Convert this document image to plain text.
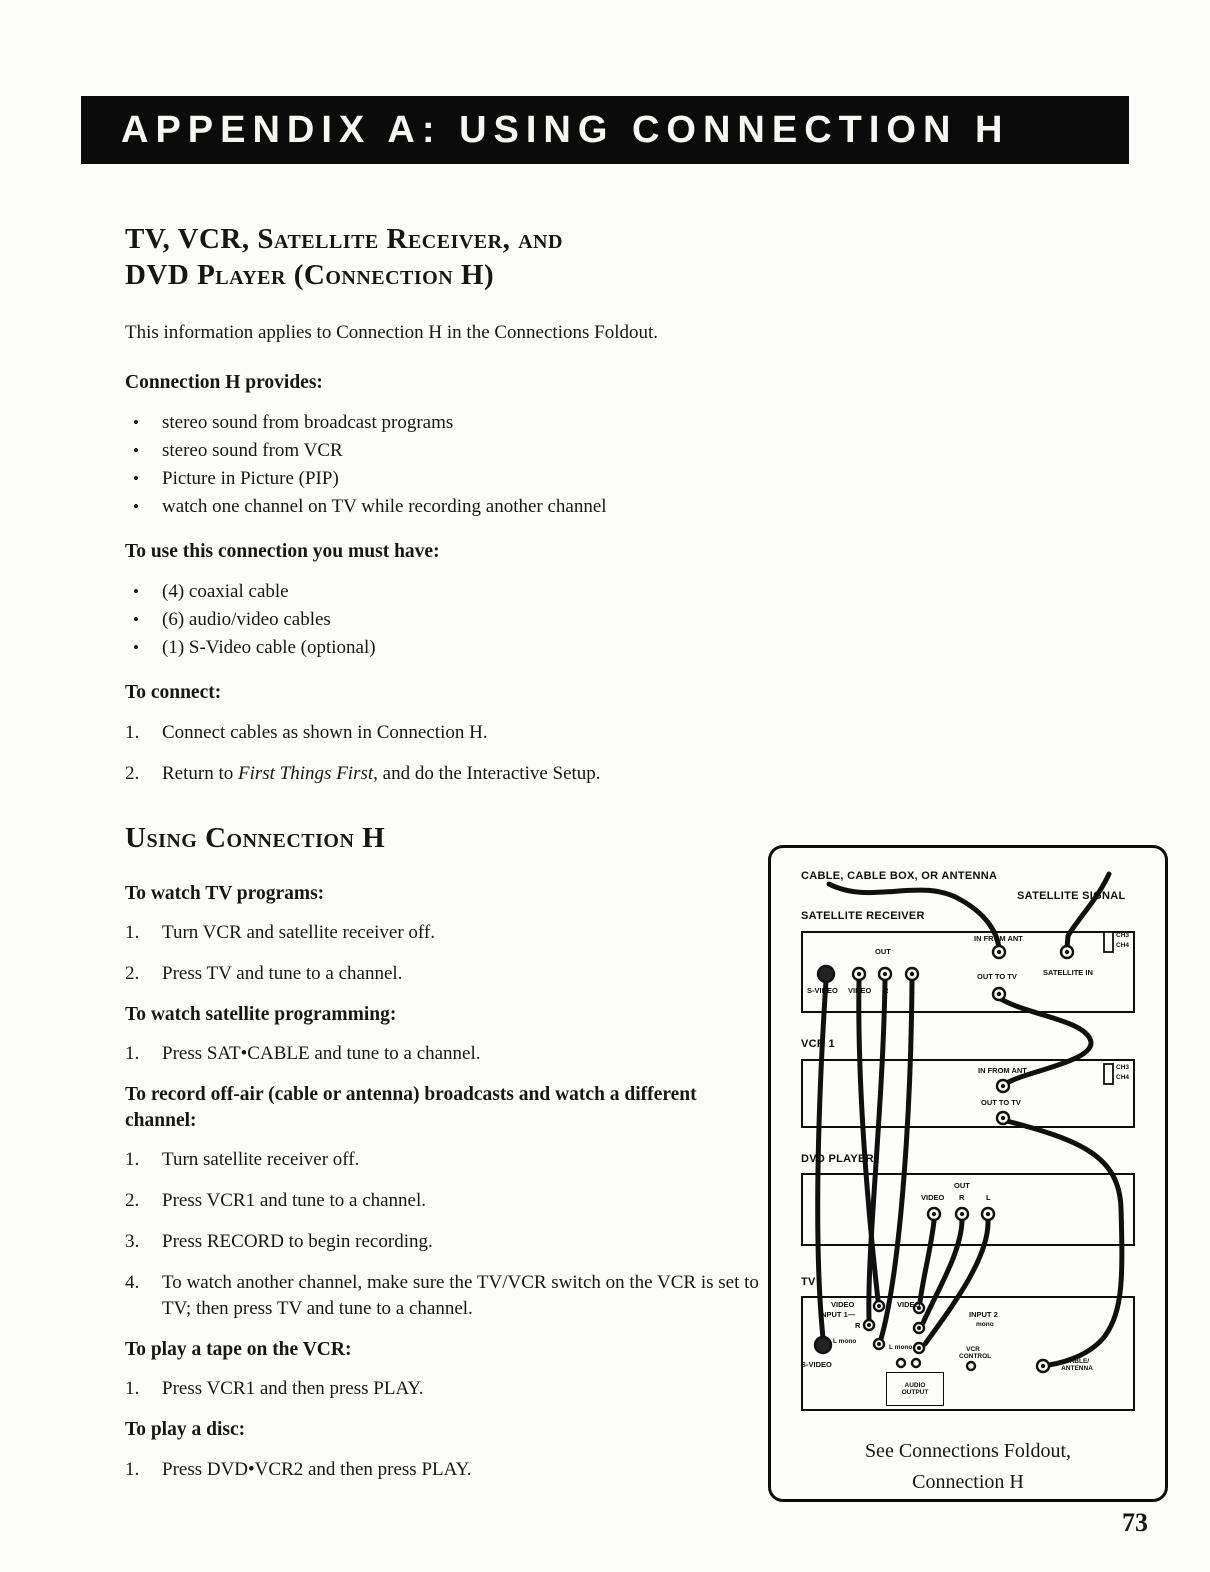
APPENDIX A: USING CONNECTION H
TV, VCR, Satellite Receiver, and
DVD Player (Connection H)

This information applies to Connection H in the Connections Foldout.

Connection H provides:
• stereo sound from broadcast programs
• stereo sound from VCR
• Picture in Picture (PIP)
• watch one channel on TV while recording another channel
To use this connection you must have:
• (4) coaxial cable
• (6) audio/video cables
• (1) S-Video cable (optional)
To connect:
1.	Connect cables as shown in Connection H.
2.	Return to First Things First, and do the Interactive Setup.
Using Connection H
To watch TV programs:
1.	Turn VCR and satellite receiver off.
2.	Press TV and tune to a channel.
To watch satellite programming:
1.	Press SAT•CABLE and tune to a channel.
To record off-air (cable or antenna) broadcasts and watch a different channel:
1.	Turn satellite receiver off.
2.	Press VCR1 and tune to a channel.
3.	Press RECORD to begin recording.
4.	To watch another channel, make sure the TV/VCR switch on the VCR is set to TV; then press TV and tune to a channel.
To play a tape on the VCR:
1.	Press VCR1 and then press PLAY.
To play a disc:
1.	Press DVD•VCR2 and then press PLAY.
CABLE, CABLE BOX, OR ANTENNA
SATELLITE SIGNAL
SATELLITE RECEIVER
IN FROM ANT
OUT
OUT TO TV	SATELLITE IN
CH3
CH4
S-VIDEO VIDEO R	L
VCR 1
IN FROM ANT	CH3
CH4
OUT TO TV
DVD PLAYER
OUT
VIDEO R	L
TV
VIDEO
INPUT 1—
VIDEO
INPUT 2
mono
R
L mono
L mono
S-VIDEO
VCR CONTROL
CABLE/ ANTENNA
AUDIO OUTPUT
See Connections Foldout,
Connection H
73
